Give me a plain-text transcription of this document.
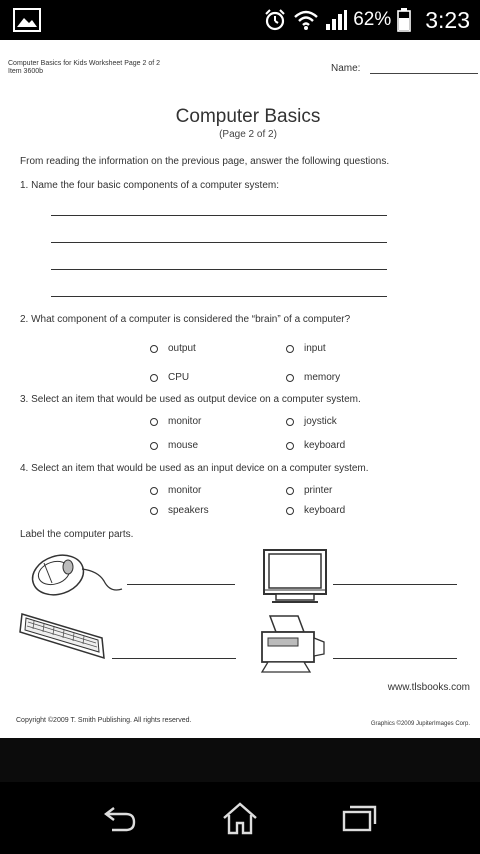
62% 3:23
Computer Basics for Kids Worksheet Page 2 of 2
Item 3600b	Name:
Computer Basics
(Page 2 of 2)
From reading the information on the previous page, answer the following questions.
1. Name the four basic components of a computer system:
2. What component of a computer is considered the “brain” of a computer?
output	input
CPU	memory
3. Select an item that would be used as output device on a computer system.
monitor	joystick
mouse	keyboard
4. Select an item that would be used as an input device on a computer system.
monitor	printer
speakers	keyboard
Label the computer parts.
www.tlsbooks.com
Copyright ©2009 T. Smith Publishing. All rights reserved.	Graphics ©2009 JupiterImages Corp.
